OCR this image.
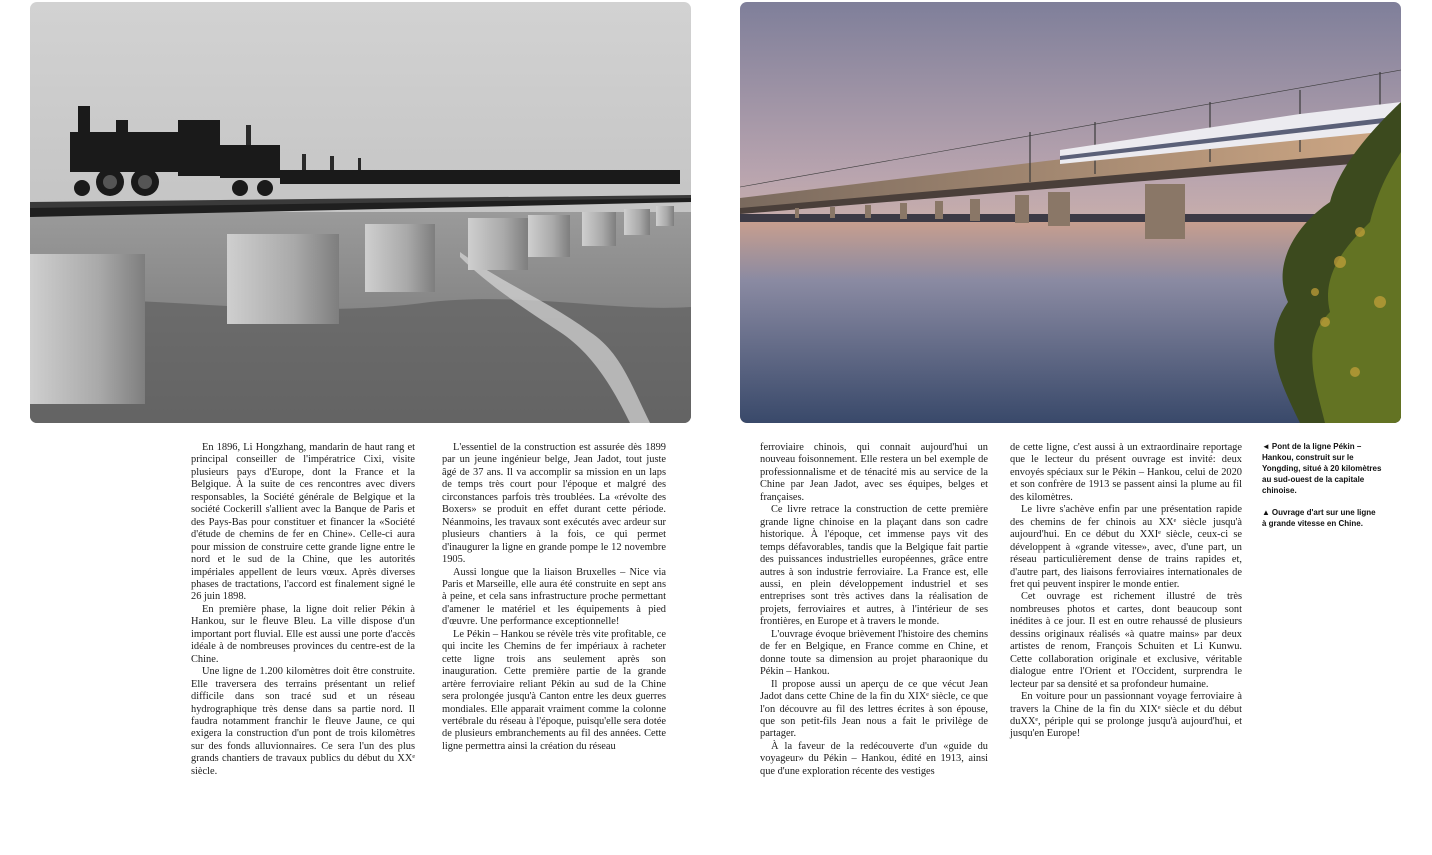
En 1896, Li Hongzhang, mandarin de haut rang et principal conseiller de l'impératrice Cixi, visite plusieurs pays d'Europe, dont la France et la Belgique. À la suite de ces rencontres avec divers responsables, la Société générale de Belgique et la société Cockerill s'allient avec la Banque de Paris et des Pays-Bas pour constituer et financer la «Société d'étude de chemins de fer en Chine». Celle-ci aura pour mission de construire cette grande ligne entre le nord et le sud de la Chine, que les autorités impériales appellent de leurs vœux. Après diverses phases de tractations, l'accord est finalement signé le 26 juin 1898.

En première phase, la ligne doit relier Pékin à Hankou, sur le fleuve Bleu. La ville dispose d'un important port fluvial. Elle est aussi une porte d'accès idéale à de nombreuses provinces du centre-est de la Chine.

Une ligne de 1.200 kilomètres doit être construite. Elle traversera des terrains présentant un relief difficile dans son tracé sud et un réseau hydrographique très dense dans sa partie nord. Il faudra notamment franchir le fleuve Jaune, ce qui exigera la construction d'un pont de trois kilomètres sur des fonds alluvionnaires. Ce sera l'un des plus grands chantiers de travaux publics du début du XXᵉ siècle.

L'essentiel de la construction est assurée dès 1899 par un jeune ingénieur belge, Jean Jadot, tout juste âgé de 37 ans. Il va accomplir sa mission en un laps de temps très court pour l'époque et malgré des circonstances parfois très troublées. La «révolte des Boxers» se produit en effet durant cette période. Néanmoins, les travaux sont exécutés avec ardeur sur plusieurs chantiers à la fois, ce qui permet d'inaugurer la ligne en grande pompe le 12 novembre 1905.

Aussi longue que la liaison Bruxelles – Nice via Paris et Marseille, elle aura été construite en sept ans à peine, et cela sans infrastructure proche permettant d'amener le matériel et les équipements à pied d'œuvre. Une performance exceptionnelle!

Le Pékin – Hankou se révèle très vite profitable, ce qui incite les Chemins de fer impériaux à racheter cette ligne trois ans seulement après son inauguration. Cette première partie de la grande artère ferroviaire reliant Pékin au sud de la Chine sera prolongée jusqu'à Canton entre les deux guerres mondiales. Elle apparait vraiment comme la colonne vertébrale du réseau à l'époque, puisqu'elle sera dotée de plusieurs embranchements au fil des années. Cette ligne permettra ainsi la création du réseau

ferroviaire chinois, qui connait aujourd'hui un nouveau foisonnement. Elle restera un bel exemple de professionnalisme et de ténacité mis au service de la Chine par Jean Jadot, avec ses équipes, belges et françaises.

Ce livre retrace la construction de cette première grande ligne chinoise en la plaçant dans son cadre historique. À l'époque, cet immense pays vit des temps défavorables, tandis que la Belgique fait partie des puissances industrielles européennes, grâce entre autres à son industrie ferroviaire. La France est, elle aussi, en plein développement industriel et ses entreprises sont très actives dans la réalisation de projets, ferroviaires et autres, à l'intérieur de ses frontières, en Europe et à travers le monde.

L'ouvrage évoque brièvement l'histoire des chemins de fer en Belgique, en France comme en Chine, et donne toute sa dimension au projet pharaonique du Pékin – Hankou.

Il propose aussi un aperçu de ce que vécut Jean Jadot dans cette Chine de la fin du XIXᵉ siècle, ce que l'on découvre au fil des lettres écrites à son épouse, que son petit-fils Jean nous a fait le privilège de partager.

À la faveur de la redécouverte d'un «guide du voyageur» du Pékin – Hankou, édité en 1913, ainsi que d'une exploration récente des vestiges

de cette ligne, c'est aussi à un extraordinaire reportage que le lecteur du présent ouvrage est invité: deux envoyés spéciaux sur le Pékin – Hankou, celui de 2020 et son confrère de 1913 se passent ainsi la plume au fil des kilomètres.

Le livre s'achève enfin par une présentation rapide des chemins de fer chinois au XXᵉ siècle jusqu'à aujourd'hui. En ce début du XXIᵉ siècle, ceux-ci se développent à «grande vitesse», avec, d'une part, un réseau particulièrement dense de trains rapides et, d'autre part, des liaisons ferroviaires internationales de fret qui peuvent inspirer le monde entier.

Cet ouvrage est richement illustré de très nombreuses photos et cartes, dont beaucoup sont inédites à ce jour. Il est en outre rehaussé de plusieurs dessins originaux réalisés «à quatre mains» par deux artistes de renom, François Schuiten et Li Kunwu. Cette collaboration originale et exclusive, véritable dialogue entre l'Orient et l'Occident, surprendra le lecteur par sa densité et sa profondeur humaine.

En voiture pour un passionnant voyage ferroviaire à travers la Chine de la fin du XIXᵉ siècle et du début duXXᵉ, périple qui se prolonge jusqu'à aujourd'hui, et jusqu'en Europe!

◄ Pont de la ligne Pékin – Hankou, construit sur le Yongding, situé à 20 kilomètres au sud-ouest de la capitale chinoise.

▲ Ouvrage d'art sur une ligne à grande vitesse en Chine.
